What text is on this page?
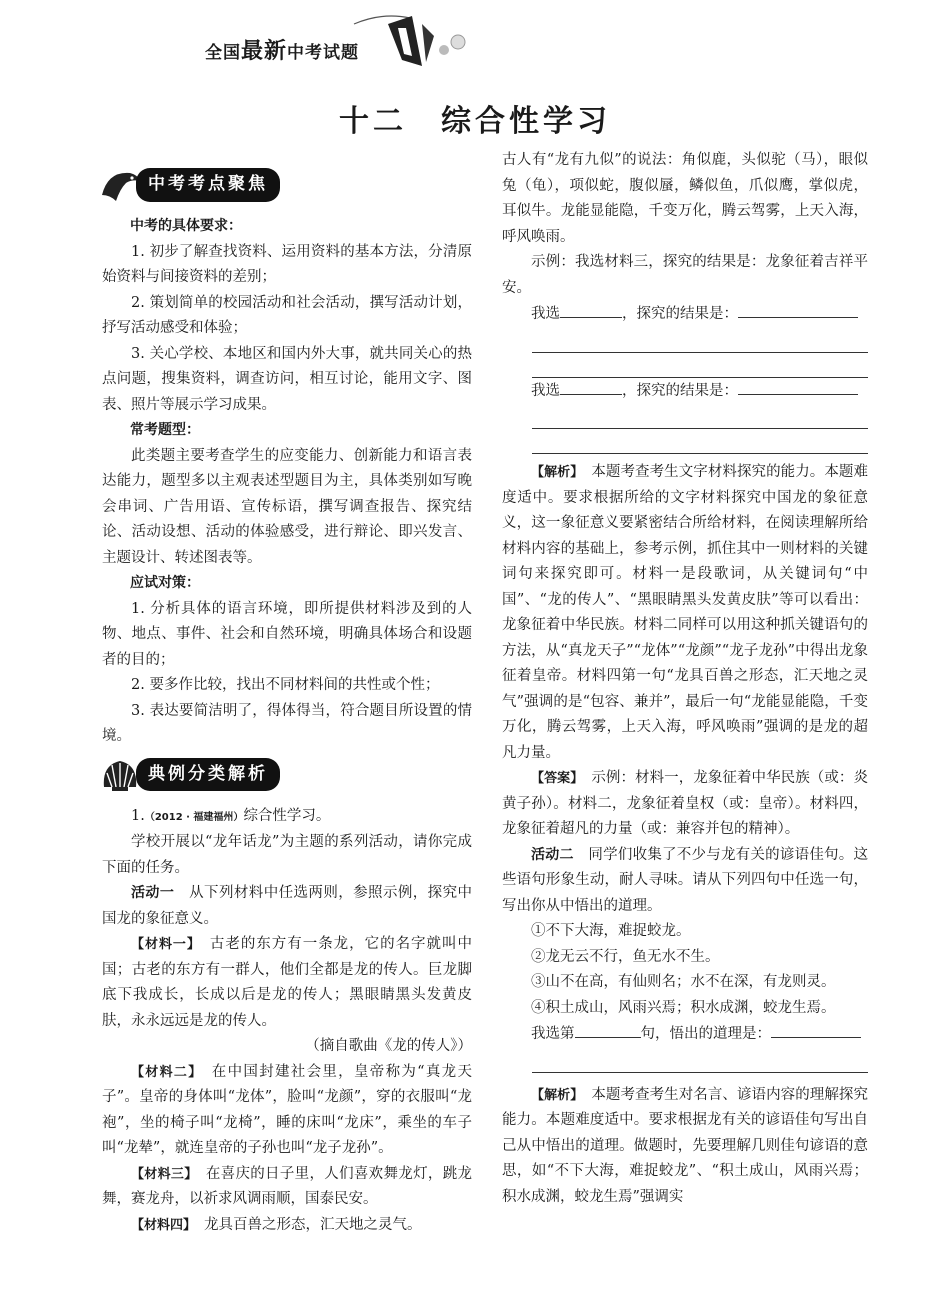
全国最新中考试题
十二　综合性学习
中考考点聚焦

中考的具体要求：

1. 初步了解查找资料、运用资料的基本方法，分清原始资料与间接资料的差别；

2. 策划简单的校园活动和社会活动，撰写活动计划，抒写活动感受和体验；

3. 关心学校、本地区和国内外大事，就共同关心的热点问题，搜集资料，调查访问，相互讨论，能用文字、图表、照片等展示学习成果。

常考题型：

此类题主要考查学生的应变能力、创新能力和语言表达能力，题型多以主观表述型题目为主，具体类别如写晚会串词、广告用语、宣传标语，撰写调查报告、探究结论、活动设想、活动的体验感受，进行辩论、即兴发言、主题设计、转述图表等。

应试对策：

1. 分析具体的语言环境，即所提供材料涉及到的人物、地点、事件、社会和自然环境，明确具体场合和设题者的目的；

2. 要多作比较，找出不同材料间的共性或个性；

3. 表达要简洁明了，得体得当，符合题目所设置的情境。

典例分类解析

1.（2012 · 福建福州）综合性学习。

学校开展以“龙年话龙”为主题的系列活动，请你完成下面的任务。

活动一　从下列材料中任选两则，参照示例，探究中国龙的象征意义。

【材料一】　古老的东方有一条龙，它的名字就叫中国；古老的东方有一群人，他们全都是龙的传人。巨龙脚底下我成长，长成以后是龙的传人；黑眼睛黑头发黄皮肤，永永远远是龙的传人。

（摘自歌曲《龙的传人》）

【材料二】　在中国封建社会里，皇帝称为“真龙天子”。皇帝的身体叫“龙体”，脸叫“龙颜”，穿的衣服叫“龙袍”，坐的椅子叫“龙椅”，睡的床叫“龙床”，乘坐的车子叫“龙辇”，就连皇帝的子孙也叫“龙子龙孙”。

【材料三】　在喜庆的日子里，人们喜欢舞龙灯，跳龙舞，赛龙舟，以祈求风调雨顺，国泰民安。

【材料四】　龙具百兽之形态，汇天地之灵气。

古人有“龙有九似”的说法：角似鹿，头似驼（马），眼似兔（龟），项似蛇，腹似蜃，鳞似鱼，爪似鹰，掌似虎，耳似牛。龙能显能隐，千变万化，腾云驾雾，上天入海，呼风唤雨。

示例：我选材料三，探究的结果是：龙象征着吉祥平安。

我选	，探究的结果是：

我选	，探究的结果是：

【解析】　本题考查考生文字材料探究的能力。本题难度适中。要求根据所给的文字材料探究中国龙的象征意义，这一象征意义要紧密结合所给材料，在阅读理解所给材料内容的基础上，参考示例，抓住其中一则材料的关键词句来探究即可。材料一是段歌词，从关键词句“中国”、“龙的传人”、“黑眼睛黑头发黄皮肤”等可以看出：龙象征着中华民族。材料二同样可以用这种抓关键语句的方法，从“真龙天子”“龙体”“龙颜”“龙子龙孙”中得出龙象征着皇帝。材料四第一句“龙具百兽之形态，汇天地之灵气”强调的是“包容、兼并”，最后一句“龙能显能隐，千变万化，腾云驾雾，上天入海，呼风唤雨”强调的是龙的超凡力量。

【答案】　示例：材料一，龙象征着中华民族（或：炎黄子孙）。材料二，龙象征着皇权（或：皇帝）。材料四，龙象征着超凡的力量（或：兼容并包的精神）。

活动二　同学们收集了不少与龙有关的谚语佳句。这些语句形象生动，耐人寻味。请从下列四句中任选一句，写出你从中悟出的道理。

①不下大海，难捉蛟龙。

②龙无云不行，鱼无水不生。

③山不在高，有仙则名；水不在深，有龙则灵。

④积土成山，风雨兴焉；积水成渊，蛟龙生焉。

我选第	句，悟出的道理是：

【解析】　本题考查考生对名言、谚语内容的理解探究能力。本题难度适中。要求根据龙有关的谚语佳句写出自己从中悟出的道理。做题时，先要理解几则佳句谚语的意思，如“不下大海，难捉蛟龙”、“积土成山，风雨兴焉；积水成渊，蛟龙生焉”强调实
